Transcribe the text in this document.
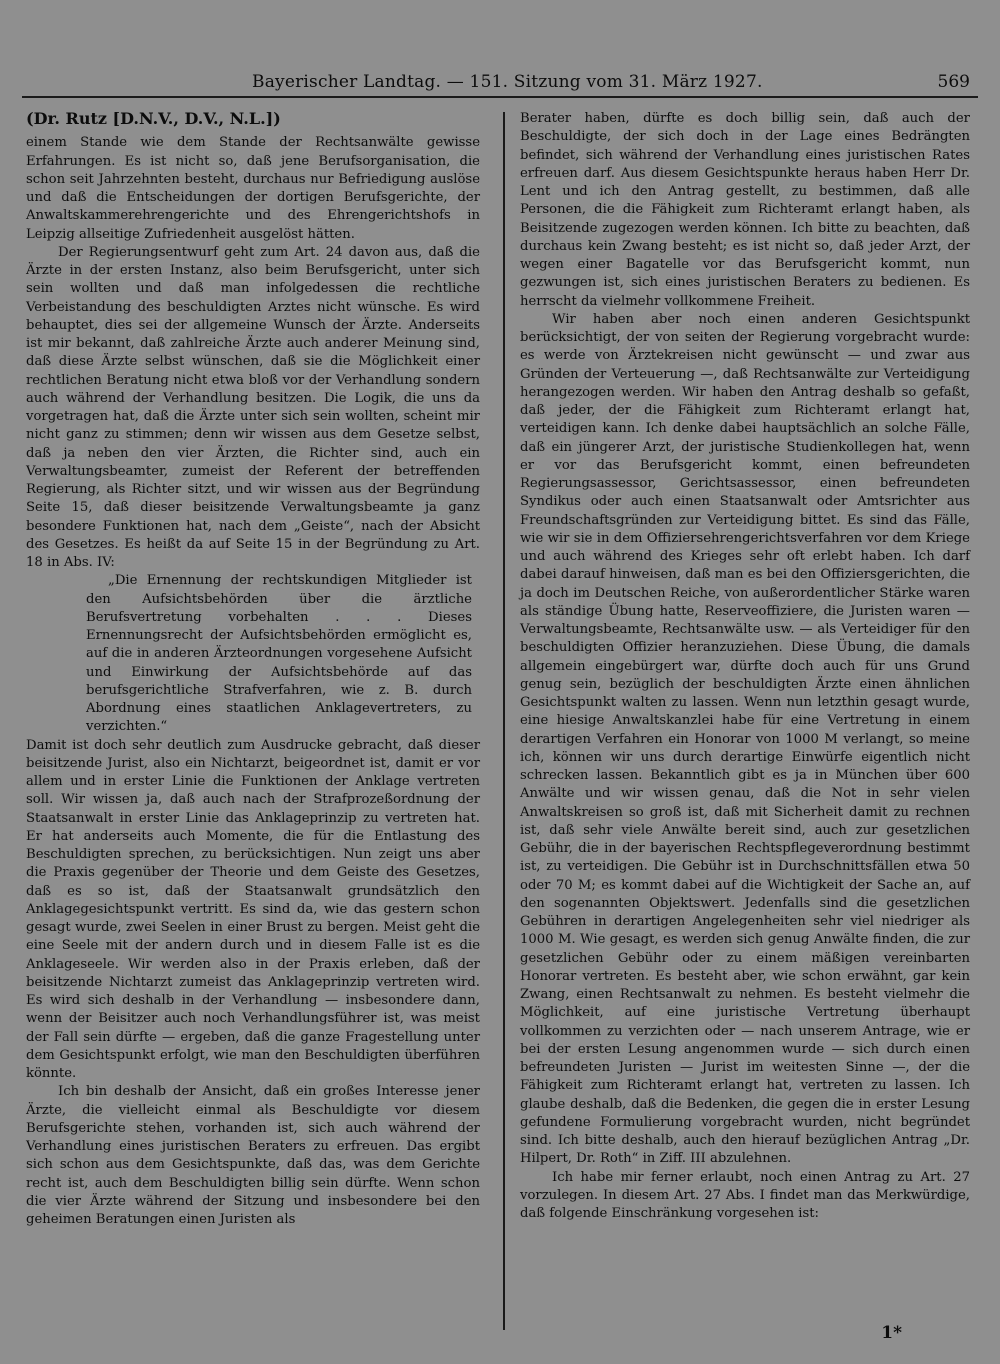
Bayerischer Landtag. — 151. Sitzung vom 31. März 1927.	569
(Dr. Rutz [D.N.V., D.V., N.L.])

einem Stande wie dem Stande der Rechtsanwälte gewisse Erfahrungen. Es ist nicht so, daß jene Berufsorganisation, die schon seit Jahrzehnten besteht, durchaus nur Befriedigung auslöse und daß die Entscheidungen der dortigen Berufsgerichte, der Anwaltskammerehrengerichte und des Ehrengerichtshofs in Leipzig allseitige Zufriedenheit ausgelöst hätten.

Der Regierungsentwurf geht zum Art. 24 davon aus, daß die Ärzte in der ersten Instanz, also beim Berufsgericht, unter sich sein wollten und daß man infolgedessen die rechtliche Verbeistandung des beschuldigten Arztes nicht wünsche. Es wird behauptet, dies sei der allgemeine Wunsch der Ärzte. Anderseits ist mir bekannt, daß zahlreiche Ärzte auch anderer Meinung sind, daß diese Ärzte selbst wünschen, daß sie die Möglichkeit einer rechtlichen Beratung nicht etwa bloß vor der Verhandlung sondern auch während der Verhandlung besitzen. Die Logik, die uns da vorgetragen hat, daß die Ärzte unter sich sein wollten, scheint mir nicht ganz zu stimmen; denn wir wissen aus dem Gesetze selbst, daß ja neben den vier Ärzten, die Richter sind, auch ein Verwaltungsbeamter, zumeist der Referent der betreffenden Regierung, als Richter sitzt, und wir wissen aus der Begründung Seite 15, daß dieser beisitzende Verwaltungsbeamte ja ganz besondere Funktionen hat, nach dem „Geiste“, nach der Absicht des Gesetzes. Es heißt da auf Seite 15 in der Begründung zu Art. 18 in Abs. IV:

„Die Ernennung der rechtskundigen Mitglieder ist den Aufsichtsbehörden über die ärztliche Berufsvertretung vorbehalten . . . Dieses Ernennungsrecht der Aufsichtsbehörden ermöglicht es, auf die in anderen Ärzteordnungen vorgesehene Aufsicht und Einwirkung der Aufsichtsbehörde auf das berufsgerichtliche Strafverfahren, wie z. B. durch Abordnung eines staatlichen Anklagevertreters, zu verzichten.“

Damit ist doch sehr deutlich zum Ausdrucke gebracht, daß dieser beisitzende Jurist, also ein Nichtarzt, beigeordnet ist, damit er vor allem und in erster Linie die Funktionen der Anklage vertreten soll. Wir wissen ja, daß auch nach der Strafprozeßordnung der Staatsanwalt in erster Linie das Anklageprinzip zu vertreten hat. Er hat anderseits auch Momente, die für die Entlastung des Beschuldigten sprechen, zu berücksichtigen. Nun zeigt uns aber die Praxis gegenüber der Theorie und dem Geiste des Gesetzes, daß es so ist, daß der Staatsanwalt grundsätzlich den Anklagegesichtspunkt vertritt. Es sind da, wie das gestern schon gesagt wurde, zwei Seelen in einer Brust zu bergen. Meist geht die eine Seele mit der andern durch und in diesem Falle ist es die Anklageseele. Wir werden also in der Praxis erleben, daß der beisitzende Nichtarzt zumeist das Anklageprinzip vertreten wird. Es wird sich deshalb in der Verhandlung — insbesondere dann, wenn der Beisitzer auch noch Verhandlungsführer ist, was meist der Fall sein dürfte — ergeben, daß die ganze Fragestellung unter dem Gesichtspunkt erfolgt, wie man den Beschuldigten überführen könnte.

Ich bin deshalb der Ansicht, daß ein großes Interesse jener Ärzte, die vielleicht einmal als Beschuldigte vor diesem Berufsgerichte stehen, vorhanden ist, sich auch während der Verhandlung eines juristischen Beraters zu erfreuen. Das ergibt sich schon aus dem Gesichtspunkte, daß das, was dem Gerichte recht ist, auch dem Beschuldigten billig sein dürfte. Wenn schon die vier Ärzte während der Sitzung und insbesondere bei den geheimen Beratungen einen Juristen als

Berater haben, dürfte es doch billig sein, daß auch der Beschuldigte, der sich doch in der Lage eines Bedrängten befindet, sich während der Verhandlung eines juristischen Rates erfreuen darf. Aus diesem Gesichtspunkte heraus haben Herr Dr. Lent und ich den Antrag gestellt, zu bestimmen, daß alle Personen, die die Fähigkeit zum Richteramt erlangt haben, als Beisitzende zugezogen werden können. Ich bitte zu beachten, daß durchaus kein Zwang besteht; es ist nicht so, daß jeder Arzt, der wegen einer Bagatelle vor das Berufsgericht kommt, nun gezwungen ist, sich eines juristischen Beraters zu bedienen. Es herrscht da vielmehr vollkommene Freiheit.

Wir haben aber noch einen anderen Gesichtspunkt berücksichtigt, der von seiten der Regierung vorgebracht wurde: es werde von Ärztekreisen nicht gewünscht — und zwar aus Gründen der Verteuerung —, daß Rechtsanwälte zur Verteidigung herangezogen werden. Wir haben den Antrag deshalb so gefaßt, daß jeder, der die Fähigkeit zum Richteramt erlangt hat, verteidigen kann. Ich denke dabei hauptsächlich an solche Fälle, daß ein jüngerer Arzt, der juristische Studienkollegen hat, wenn er vor das Berufsgericht kommt, einen befreundeten Regierungsassessor, Gerichtsassessor, einen befreundeten Syndikus oder auch einen Staatsanwalt oder Amtsrichter aus Freundschaftsgründen zur Verteidigung bittet. Es sind das Fälle, wie wir sie in dem Offiziersehrengerichtsverfahren vor dem Kriege und auch während des Krieges sehr oft erlebt haben. Ich darf dabei darauf hinweisen, daß man es bei den Offiziersgerichten, die ja doch im Deutschen Reiche, von außerordentlicher Stärke waren als ständige Übung hatte, Reserveoffiziere, die Juristen waren — Verwaltungsbeamte, Rechtsanwälte usw. — als Verteidiger für den beschuldigten Offizier heranzuziehen. Diese Übung, die damals allgemein eingebürgert war, dürfte doch auch für uns Grund genug sein, bezüglich der beschuldigten Ärzte einen ähnlichen Gesichtspunkt walten zu lassen. Wenn nun letzthin gesagt wurde, eine hiesige Anwaltskanzlei habe für eine Vertretung in einem derartigen Verfahren ein Honorar von 1000 M verlangt, so meine ich, können wir uns durch derartige Einwürfe eigentlich nicht schrecken lassen. Bekanntlich gibt es ja in München über 600 Anwälte und wir wissen genau, daß die Not in sehr vielen Anwaltskreisen so groß ist, daß mit Sicherheit damit zu rechnen ist, daß sehr viele Anwälte bereit sind, auch zur gesetzlichen Gebühr, die in der bayerischen Rechtspflegeverordnung bestimmt ist, zu verteidigen. Die Gebühr ist in Durchschnittsfällen etwa 50 oder 70 M; es kommt dabei auf die Wichtigkeit der Sache an, auf den sogenannten Objektswert. Jedenfalls sind die gesetzlichen Gebühren in derartigen Angelegenheiten sehr viel niedriger als 1000 M. Wie gesagt, es werden sich genug Anwälte finden, die zur gesetzlichen Gebühr oder zu einem mäßigen vereinbarten Honorar vertreten. Es besteht aber, wie schon erwähnt, gar kein Zwang, einen Rechtsanwalt zu nehmen. Es besteht vielmehr die Möglichkeit, auf eine juristische Vertretung überhaupt vollkommen zu verzichten oder — nach unserem Antrage, wie er bei der ersten Lesung angenommen wurde — sich durch einen befreundeten Juristen — Jurist im weitesten Sinne —, der die Fähigkeit zum Richteramt erlangt hat, vertreten zu lassen. Ich glaube deshalb, daß die Bedenken, die gegen die in erster Lesung gefundene Formulierung vorgebracht wurden, nicht begründet sind. Ich bitte deshalb, auch den hierauf bezüglichen Antrag „Dr. Hilpert, Dr. Roth“ in Ziff. III abzulehnen.

Ich habe mir ferner erlaubt, noch einen Antrag zu Art. 27 vorzulegen. In diesem Art. 27 Abs. I findet man das Merkwürdige, daß folgende Einschränkung vorgesehen ist:

1*
